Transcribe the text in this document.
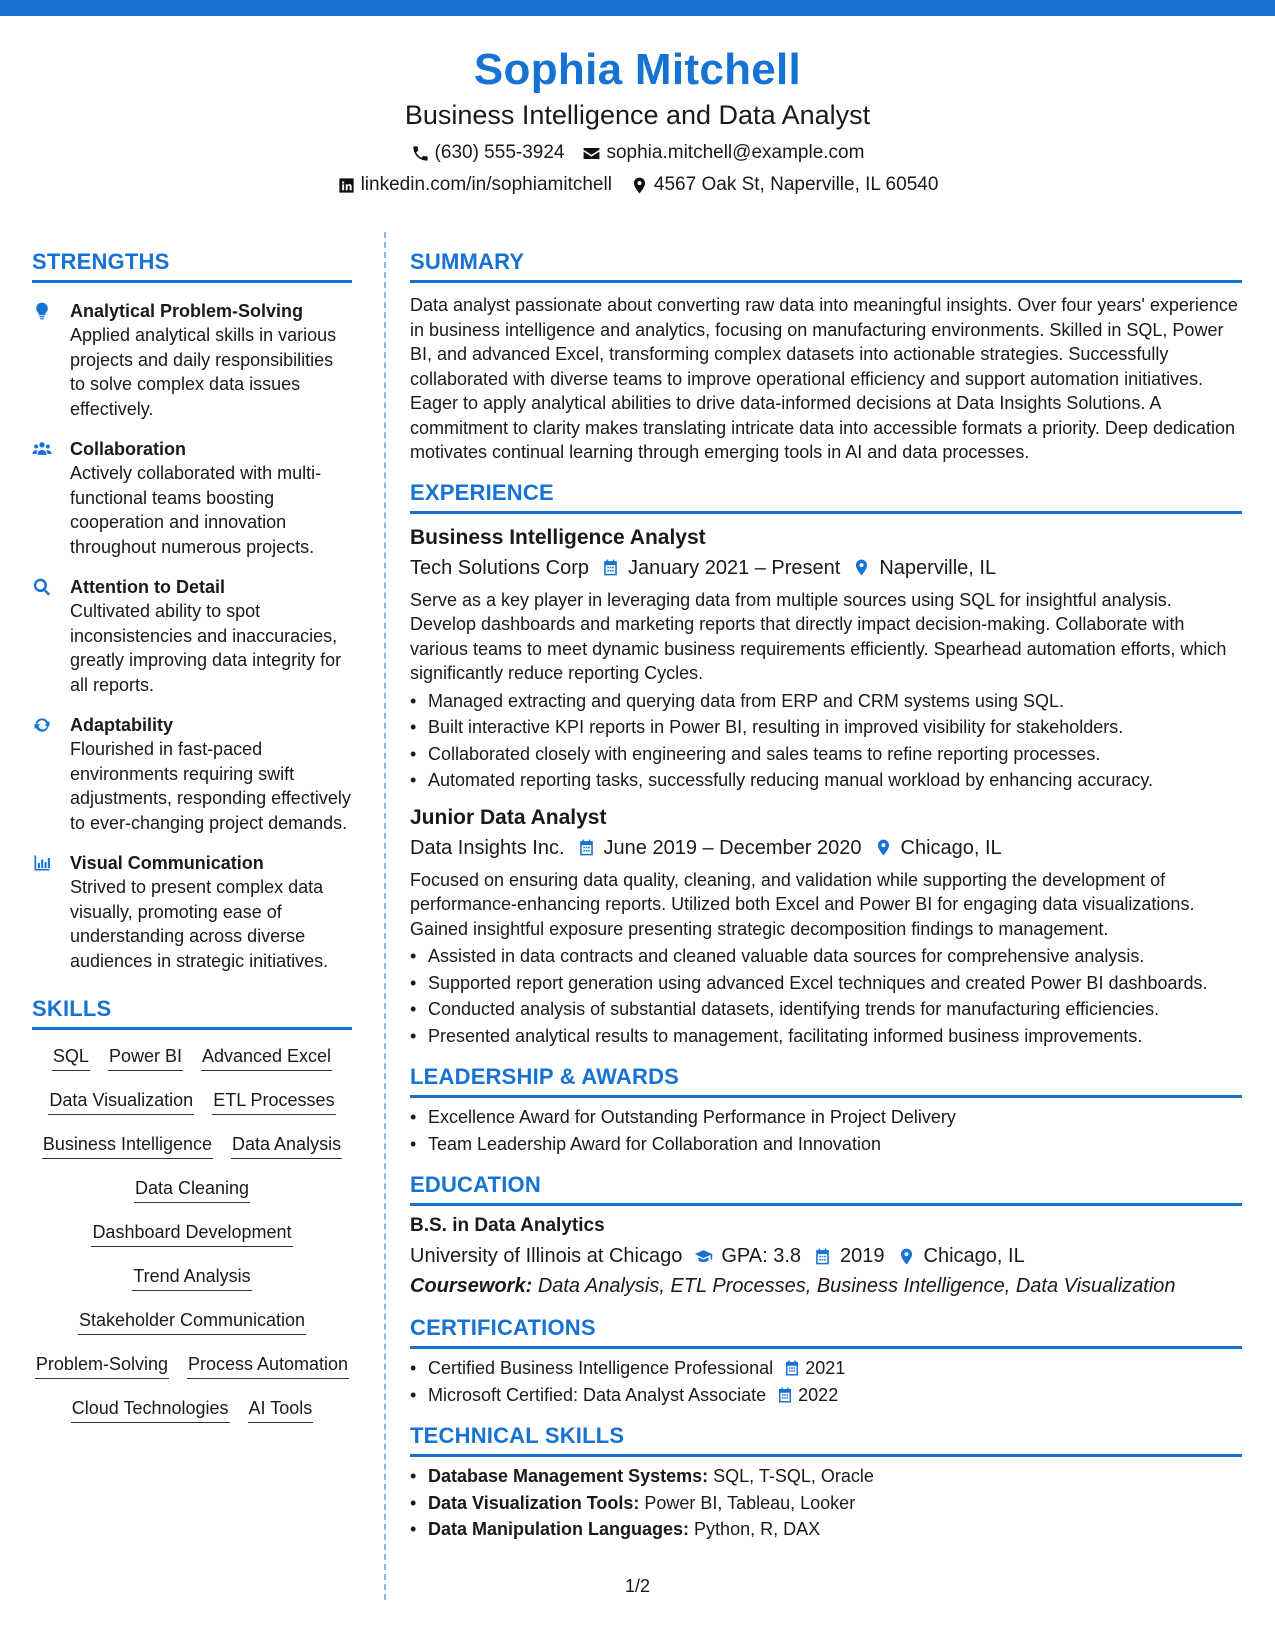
Sophia Mitchell
Business Intelligence and Data Analyst
(630) 555-3924 sophia.mitchell@example.com
linkedin.com/in/sophiamitchell 4567 Oak St, Naperville, IL 60540
STRENGTHS
Analytical Problem-Solving
Applied analytical skills in various projects and daily responsibilities to solve complex data issues effectively.
Collaboration
Actively collaborated with multi-functional teams boosting cooperation and innovation throughout numerous projects.
Attention to Detail
Cultivated ability to spot inconsistencies and inaccuracies, greatly improving data integrity for all reports.
Adaptability
Flourished in fast-paced environments requiring swift adjustments, responding effectively to ever-changing project demands.
Visual Communication
Strived to present complex data visually, promoting ease of understanding across diverse audiences in strategic initiatives.
SKILLS
SQL Power BI Advanced Excel
Data Visualization ETL Processes
Business Intelligence Data Analysis
Data Cleaning
Dashboard Development
Trend Analysis
Stakeholder Communication
Problem-Solving Process Automation
Cloud Technologies AI Tools
SUMMARY
Data analyst passionate about converting raw data into meaningful insights. Over four years' experience in business intelligence and analytics, focusing on manufacturing environments. Skilled in SQL, Power BI, and advanced Excel, transforming complex datasets into actionable strategies. Successfully collaborated with diverse teams to improve operational efficiency and support automation initiatives. Eager to apply analytical abilities to drive data-informed decisions at Data Insights Solutions. A commitment to clarity makes translating intricate data into accessible formats a priority. Deep dedication motivates continual learning through emerging tools in AI and data processes.
EXPERIENCE
Business Intelligence Analyst
Tech Solutions Corp January 2021 – Present Naperville, IL
Serve as a key player in leveraging data from multiple sources using SQL for insightful analysis. Develop dashboards and marketing reports that directly impact decision-making. Collaborate with various teams to meet dynamic business requirements efficiently. Spearhead automation efforts, which significantly reduce reporting Cycles.
• Managed extracting and querying data from ERP and CRM systems using SQL.
• Built interactive KPI reports in Power BI, resulting in improved visibility for stakeholders.
• Collaborated closely with engineering and sales teams to refine reporting processes.
• Automated reporting tasks, successfully reducing manual workload by enhancing accuracy.
Junior Data Analyst
Data Insights Inc. June 2019 – December 2020 Chicago, IL
Focused on ensuring data quality, cleaning, and validation while supporting the development of performance-enhancing reports. Utilized both Excel and Power BI for engaging data visualizations. Gained insightful exposure presenting strategic decomposition findings to management.
• Assisted in data contracts and cleaned valuable data sources for comprehensive analysis.
• Supported report generation using advanced Excel techniques and created Power BI dashboards.
• Conducted analysis of substantial datasets, identifying trends for manufacturing efficiencies.
• Presented analytical results to management, facilitating informed business improvements.
LEADERSHIP & AWARDS
• Excellence Award for Outstanding Performance in Project Delivery
• Team Leadership Award for Collaboration and Innovation
EDUCATION
B.S. in Data Analytics
University of Illinois at Chicago GPA: 3.8 2019 Chicago, IL
Coursework: Data Analysis, ETL Processes, Business Intelligence, Data Visualization
CERTIFICATIONS
• Certified Business Intelligence Professional 2021
• Microsoft Certified: Data Analyst Associate 2022
TECHNICAL SKILLS
• Database Management Systems: SQL, T-SQL, Oracle
• Data Visualization Tools: Power BI, Tableau, Looker
• Data Manipulation Languages: Python, R, DAX
1/2
